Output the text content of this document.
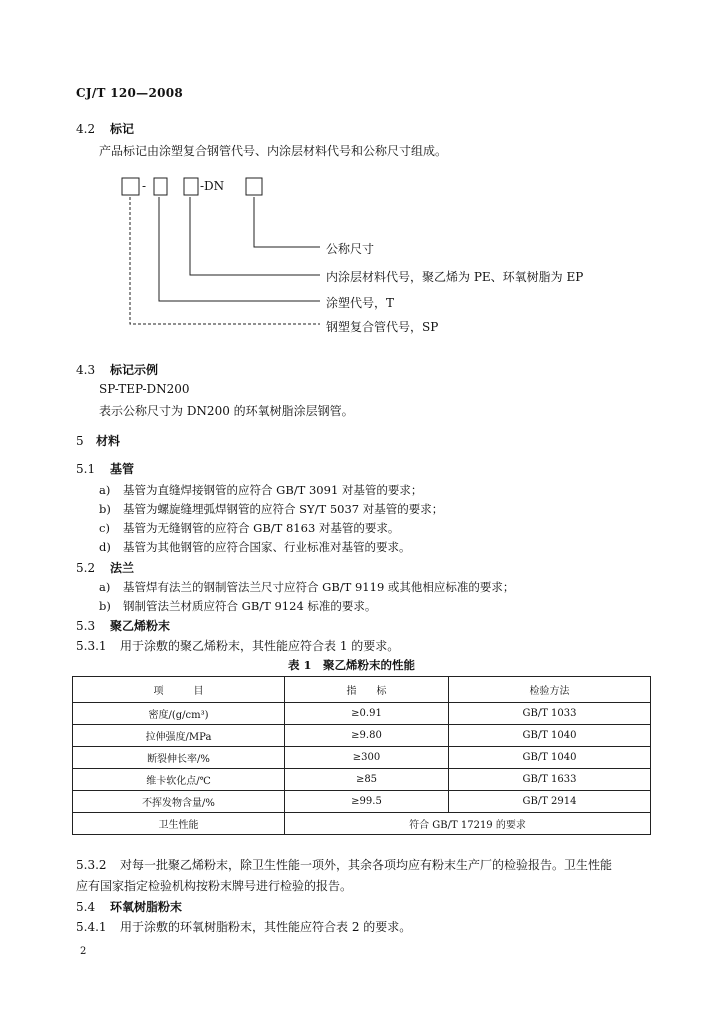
CJ/T 120—2008
4.2 标记
产品标记由涂塑复合钢管代号、内涂层材料代号和公称尺寸组成。
-	-DN
公称尺寸
内涂层材料代号，聚乙烯为 PE、环氧树脂为 EP
涂塑代号，T
钢塑复合管代号，SP
4.3 标记示例
SP-TEP-DN200
表示公称尺寸为 DN200 的环氧树脂涂层钢管。
5 材料
5.1 基管
a) 基管为直缝焊接钢管的应符合 GB/T 3091 对基管的要求；
b) 基管为螺旋缝埋弧焊钢管的应符合 SY/T 5037 对基管的要求；
c) 基管为无缝钢管的应符合 GB/T 8163 对基管的要求。
d) 基管为其他钢管的应符合国家、行业标准对基管的要求。
5.2 法兰
a) 基管焊有法兰的钢制管法兰尺寸应符合 GB/T 9119 或其他相应标准的要求；
b) 钢制管法兰材质应符合 GB/T 9124 标准的要求。
5.3 聚乙烯粉末
5.3.1 用于涂敷的聚乙烯粉末，其性能应符合表 1 的要求。
表 1　聚乙烯粉末的性能
项　　　目	指　　标	检验方法
密度/(g/cm³)	≥0.91	GB/T 1033
拉伸强度/MPa	≥9.80	GB/T 1040
断裂伸长率/%	≥300	GB/T 1040
维卡软化点/℃	≥85	GB/T 1633
不挥发物含量/%	≥99.5	GB/T 2914
卫生性能	符合 GB/T 17219 的要求	
5.3.2 对每一批聚乙烯粉末，除卫生性能一项外，其余各项均应有粉末生产厂的检验报告。卫生性能
应有国家指定检验机构按粉末牌号进行检验的报告。
5.4 环氧树脂粉末
5.4.1 用于涂敷的环氧树脂粉末，其性能应符合表 2 的要求。
2
